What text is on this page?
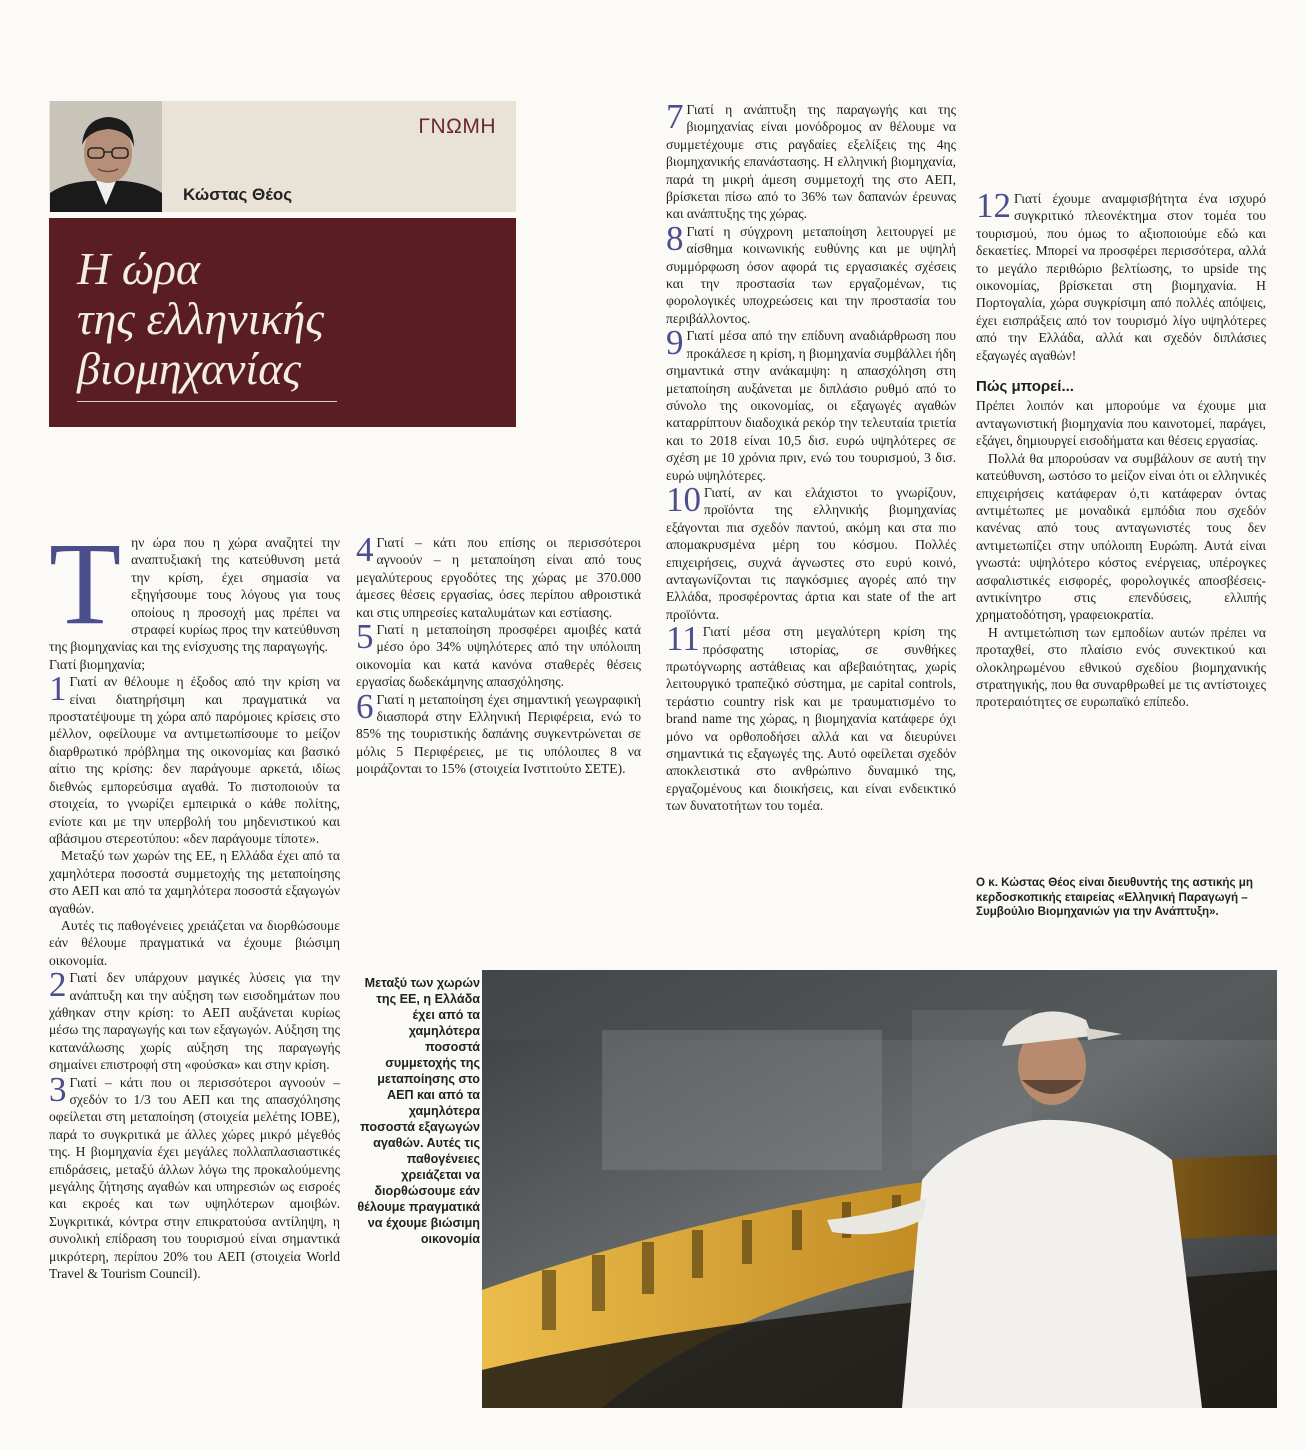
ΓΝΩΜΗ
Κώστας Θέος
Η ώρα
της ελληνικής
βιομηχανίας
Τ ην ώρα που η χώρα αναζητεί την αναπτυξιακή της κατεύθυνση μετά την κρίση, έχει σημασία να εξηγήσουμε τους λόγους για τους οποίους η προσοχή μας πρέπει να στραφεί κυρίως προς την κατεύθυνση της βιομηχανίας και της ενίσχυσης της παραγωγής.

Γιατί βιομηχανία;

1 Γιατί αν θέλουμε η έξοδος από την κρίση να είναι διατηρήσιμη και πραγματικά να προστατέψουμε τη χώρα από παρόμοιες κρίσεις στο μέλλον, οφείλουμε να αντιμετωπίσουμε το μείζον διαρθρωτικό πρόβλημα της οικονομίας και βασικό αίτιο της κρίσης: δεν παράγουμε αρκετά, ιδίως διεθνώς εμπορεύσιμα αγαθά. Το πιστοποιούν τα στοιχεία, το γνωρίζει εμπειρικά ο κάθε πολίτης, ενίοτε και με την υπερβολή του μηδενιστικού και αβάσιμου στερεοτύπου: «δεν παράγουμε τίποτε».

Μεταξύ των χωρών της ΕΕ, η Ελλάδα έχει από τα χαμηλότερα ποσοστά συμμετοχής της μεταποίησης στο ΑΕΠ και από τα χαμηλότερα ποσοστά εξαγωγών αγαθών.

Αυτές τις παθογένειες χρειάζεται να διορθώσουμε εάν θέλουμε πραγματικά να έχουμε βιώσιμη οικονομία.

2 Γιατί δεν υπάρχουν μαγικές λύσεις για την ανάπτυξη και την αύξηση των εισοδημάτων που χάθηκαν στην κρίση: το ΑΕΠ αυξάνεται κυρίως μέσω της παραγωγής και των εξαγωγών. Αύξηση της κατανάλωσης χωρίς αύξηση της παραγωγής σημαίνει επιστροφή στη «φούσκα» και στην κρίση.

3 Γιατί – κάτι που οι περισσότεροι αγνοούν – σχεδόν το 1/3 του ΑΕΠ και της απασχόλησης οφείλεται στη μεταποίηση (στοιχεία μελέτης ΙΟΒΕ), παρά το συγκριτικά με άλλες χώρες μικρό μέγεθός της. Η βιομηχανία έχει μεγάλες πολλαπλασιαστικές επιδράσεις, μεταξύ άλλων λόγω της προκαλούμενης μεγάλης ζήτησης αγαθών και υπηρεσιών ως εισροές και εκροές και των υψηλότερων αμοιβών. Συγκριτικά, κόντρα στην επικρατούσα αντίληψη, η συνολική επίδραση του τουρισμού είναι σημαντικά μικρότερη, περίπου 20% του ΑΕΠ (στοιχεία World Travel & Tourism Council).

4 Γιατί – κάτι που επίσης οι περισσότεροι αγνοούν – η μεταποίηση είναι από τους μεγαλύτερους εργοδότες της χώρας με 370.000 άμεσες θέσεις εργασίας, όσες περίπου αθροιστικά και στις υπηρεσίες καταλυμάτων και εστίασης.

5 Γιατί η μεταποίηση προσφέρει αμοιβές κατά μέσο όρο 34% υψηλότερες από την υπόλοιπη οικονομία και κατά κανόνα σταθερές θέσεις εργασίας δωδεκάμηνης απασχόλησης.

6 Γιατί η μεταποίηση έχει σημαντική γεωγραφική διασπορά στην Ελληνική Περιφέρεια, ενώ το 85% της τουριστικής δαπάνης συγκεντρώνεται σε μόλις 5 Περιφέρειες, με τις υπόλοιπες 8 να μοιράζονται το 15% (στοιχεία Ινστιτούτο ΣΕΤΕ).

7 Γιατί η ανάπτυξη της παραγωγής και της βιομηχανίας είναι μονόδρομος αν θέλουμε να συμμετέχουμε στις ραγδαίες εξελίξεις της 4ης βιομηχανικής επανάστασης. Η ελληνική βιομηχανία, παρά τη μικρή άμεση συμμετοχή της στο ΑΕΠ, βρίσκεται πίσω από το 36% των δαπανών έρευνας και ανάπτυξης της χώρας.

8 Γιατί η σύγχρονη μεταποίηση λειτουργεί με αίσθημα κοινωνικής ευθύνης και με υψηλή συμμόρφωση όσον αφορά τις εργασιακές σχέσεις και την προστασία των εργαζομένων, τις φορολογικές υποχρεώσεις και την προστασία του περιβάλλοντος.

9 Γιατί μέσα από την επίδυνη αναδιάρθρωση που προκάλεσε η κρίση, η βιομηχανία συμβάλλει ήδη σημαντικά στην ανάκαμψη: η απασχόληση στη μεταποίηση αυξάνεται με διπλάσιο ρυθμό από το σύνολο της οικονομίας, οι εξαγωγές αγαθών καταρρίπτουν διαδοχικά ρεκόρ την τελευταία τριετία και το 2018 είναι 10,5 δισ. ευρώ υψηλότερες σε σχέση με 10 χρόνια πριν, ενώ του τουρισμού, 3 δισ. ευρώ υψηλότερες.

10 Γιατί, αν και ελάχιστοι το γνωρίζουν, προϊόντα της ελληνικής βιομηχανίας εξάγονται πια σχεδόν παντού, ακόμη και στα πιο απομακρυσμένα μέρη του κόσμου. Πολλές επιχειρήσεις, συχνά άγνωστες στο ευρύ κοινό, ανταγωνίζονται τις παγκόσμιες αγορές από την Ελλάδα, προσφέροντας άρτια και state of the art προϊόντα.

11 Γιατί μέσα στη μεγαλύτερη κρίση της πρόσφατης ιστορίας, σε συνθήκες πρωτόγνωρης αστάθειας και αβεβαιότητας, χωρίς λειτουργικό τραπεζικό σύστημα, με capital controls, τεράστιο country risk και με τραυματισμένο το brand name της χώρας, η βιομηχανία κατάφερε όχι μόνο να ορθοποδήσει αλλά και να διευρύνει σημαντικά τις εξαγωγές της. Αυτό οφείλεται σχεδόν αποκλειστικά στο ανθρώπινο δυναμικό της, εργαζομένους και διοικήσεις, και είναι ενδεικτικό των δυνατοτήτων του τομέα.

12 Γιατί έχουμε αναμφισβήτητα ένα ισχυρό συγκριτικό πλεονέκτημα στον τομέα του τουρισμού, που όμως το αξιοποιούμε εδώ και δεκαετίες. Μπορεί να προσφέρει περισσότερα, αλλά το μεγάλο περιθώριο βελτίωσης, το upside της οικονομίας, βρίσκεται στη βιομηχανία. Η Πορτογαλία, χώρα συγκρίσιμη από πολλές απόψεις, έχει εισπράξεις από τον τουρισμό λίγο υψηλότερες από την Ελλάδα, αλλά και σχεδόν διπλάσιες εξαγωγές αγαθών!

Πώς μπορεί...

Πρέπει λοιπόν και μπορούμε να έχουμε μια ανταγωνιστική βιομηχανία που καινοτομεί, παράγει, εξάγει, δημιουργεί εισοδήματα και θέσεις εργασίας.

Πολλά θα μπορούσαν να συμβάλουν σε αυτή την κατεύθυνση, ωστόσο το μείζον είναι ότι οι ελληνικές επιχειρήσεις κατάφεραν ό,τι κατάφεραν όντας αντιμέτωπες με μοναδικά εμπόδια που σχεδόν κανένας από τους ανταγωνιστές τους δεν αντιμετωπίζει στην υπόλοιπη Ευρώπη. Αυτά είναι γνωστά: υψηλότερο κόστος ενέργειας, υπέρογκες ασφαλιστικές εισφορές, φορολογικές αποσβέσεις-αντικίνητρο στις επενδύσεις, ελλιπής χρηματοδότηση, γραφειοκρατία.

Η αντιμετώπιση των εμποδίων αυτών πρέπει να προταχθεί, στο πλαίσιο ενός συνεκτικού και ολοκληρωμένου εθνικού σχεδίου βιομηχανικής στρατηγικής, που θα συναρθρωθεί με τις αντίστοιχες προτεραιότητες σε ευρωπαϊκό επίπεδο.

Ο κ. Κώστας Θέος είναι διευθυντής της αστικής μη κερδοσκοπικής εταιρείας «Ελληνική Παραγωγή – Συμβούλιο Βιομηχανιών για την Ανάπτυξη».
Μεταξύ των χωρών της ΕΕ, η Ελλάδα έχει από τα χαμηλότερα ποσοστά συμμετοχής της μεταποίησης στο ΑΕΠ και από τα χαμηλότερα ποσοστά εξαγωγών αγαθών. Αυτές τις παθογένειες χρειάζεται να διορθώσουμε εάν θέλουμε πραγματικά να έχουμε βιώσιμη οικονομία
